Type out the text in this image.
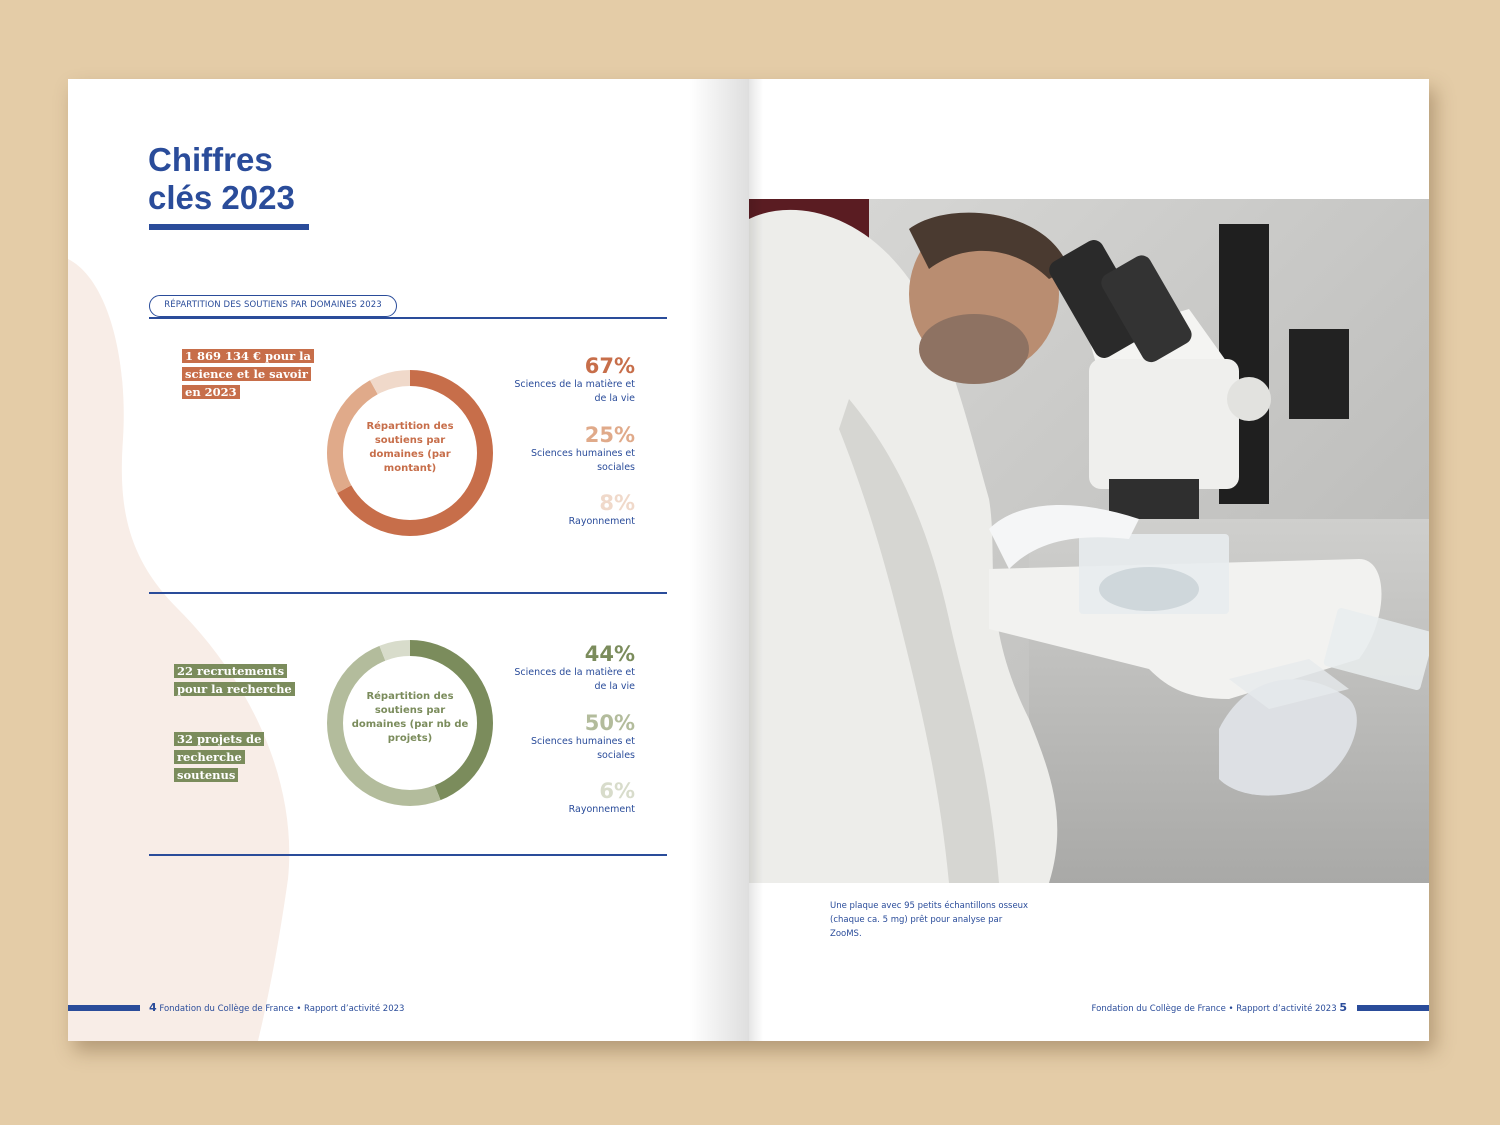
Chiffres
clés 2023
RÉPARTITION DES SOUTIENS PAR DOMAINES 2023
1 869 134 € pour la science et le savoir en 2023
Répartition des soutiens par domaines (par montant)
67%
Sciences de la matière et de la vie
25%
Sciences humaines et sociales
8%
Rayonnement
22 recrutements pour la recherche
32 projets de recherche soutenus
Répartition des soutiens par domaines (par nb de projets)
44%
Sciences de la matière et de la vie
50%
Sciences humaines et sociales
6%
Rayonnement
4 Fondation du Collège de France • Rapport d’activité 2023
Une plaque avec 95 petits échantillons osseux (chaque ca. 5 mg) prêt pour analyse par ZooMS.
Fondation du Collège de France • Rapport d’activité 2023 5
